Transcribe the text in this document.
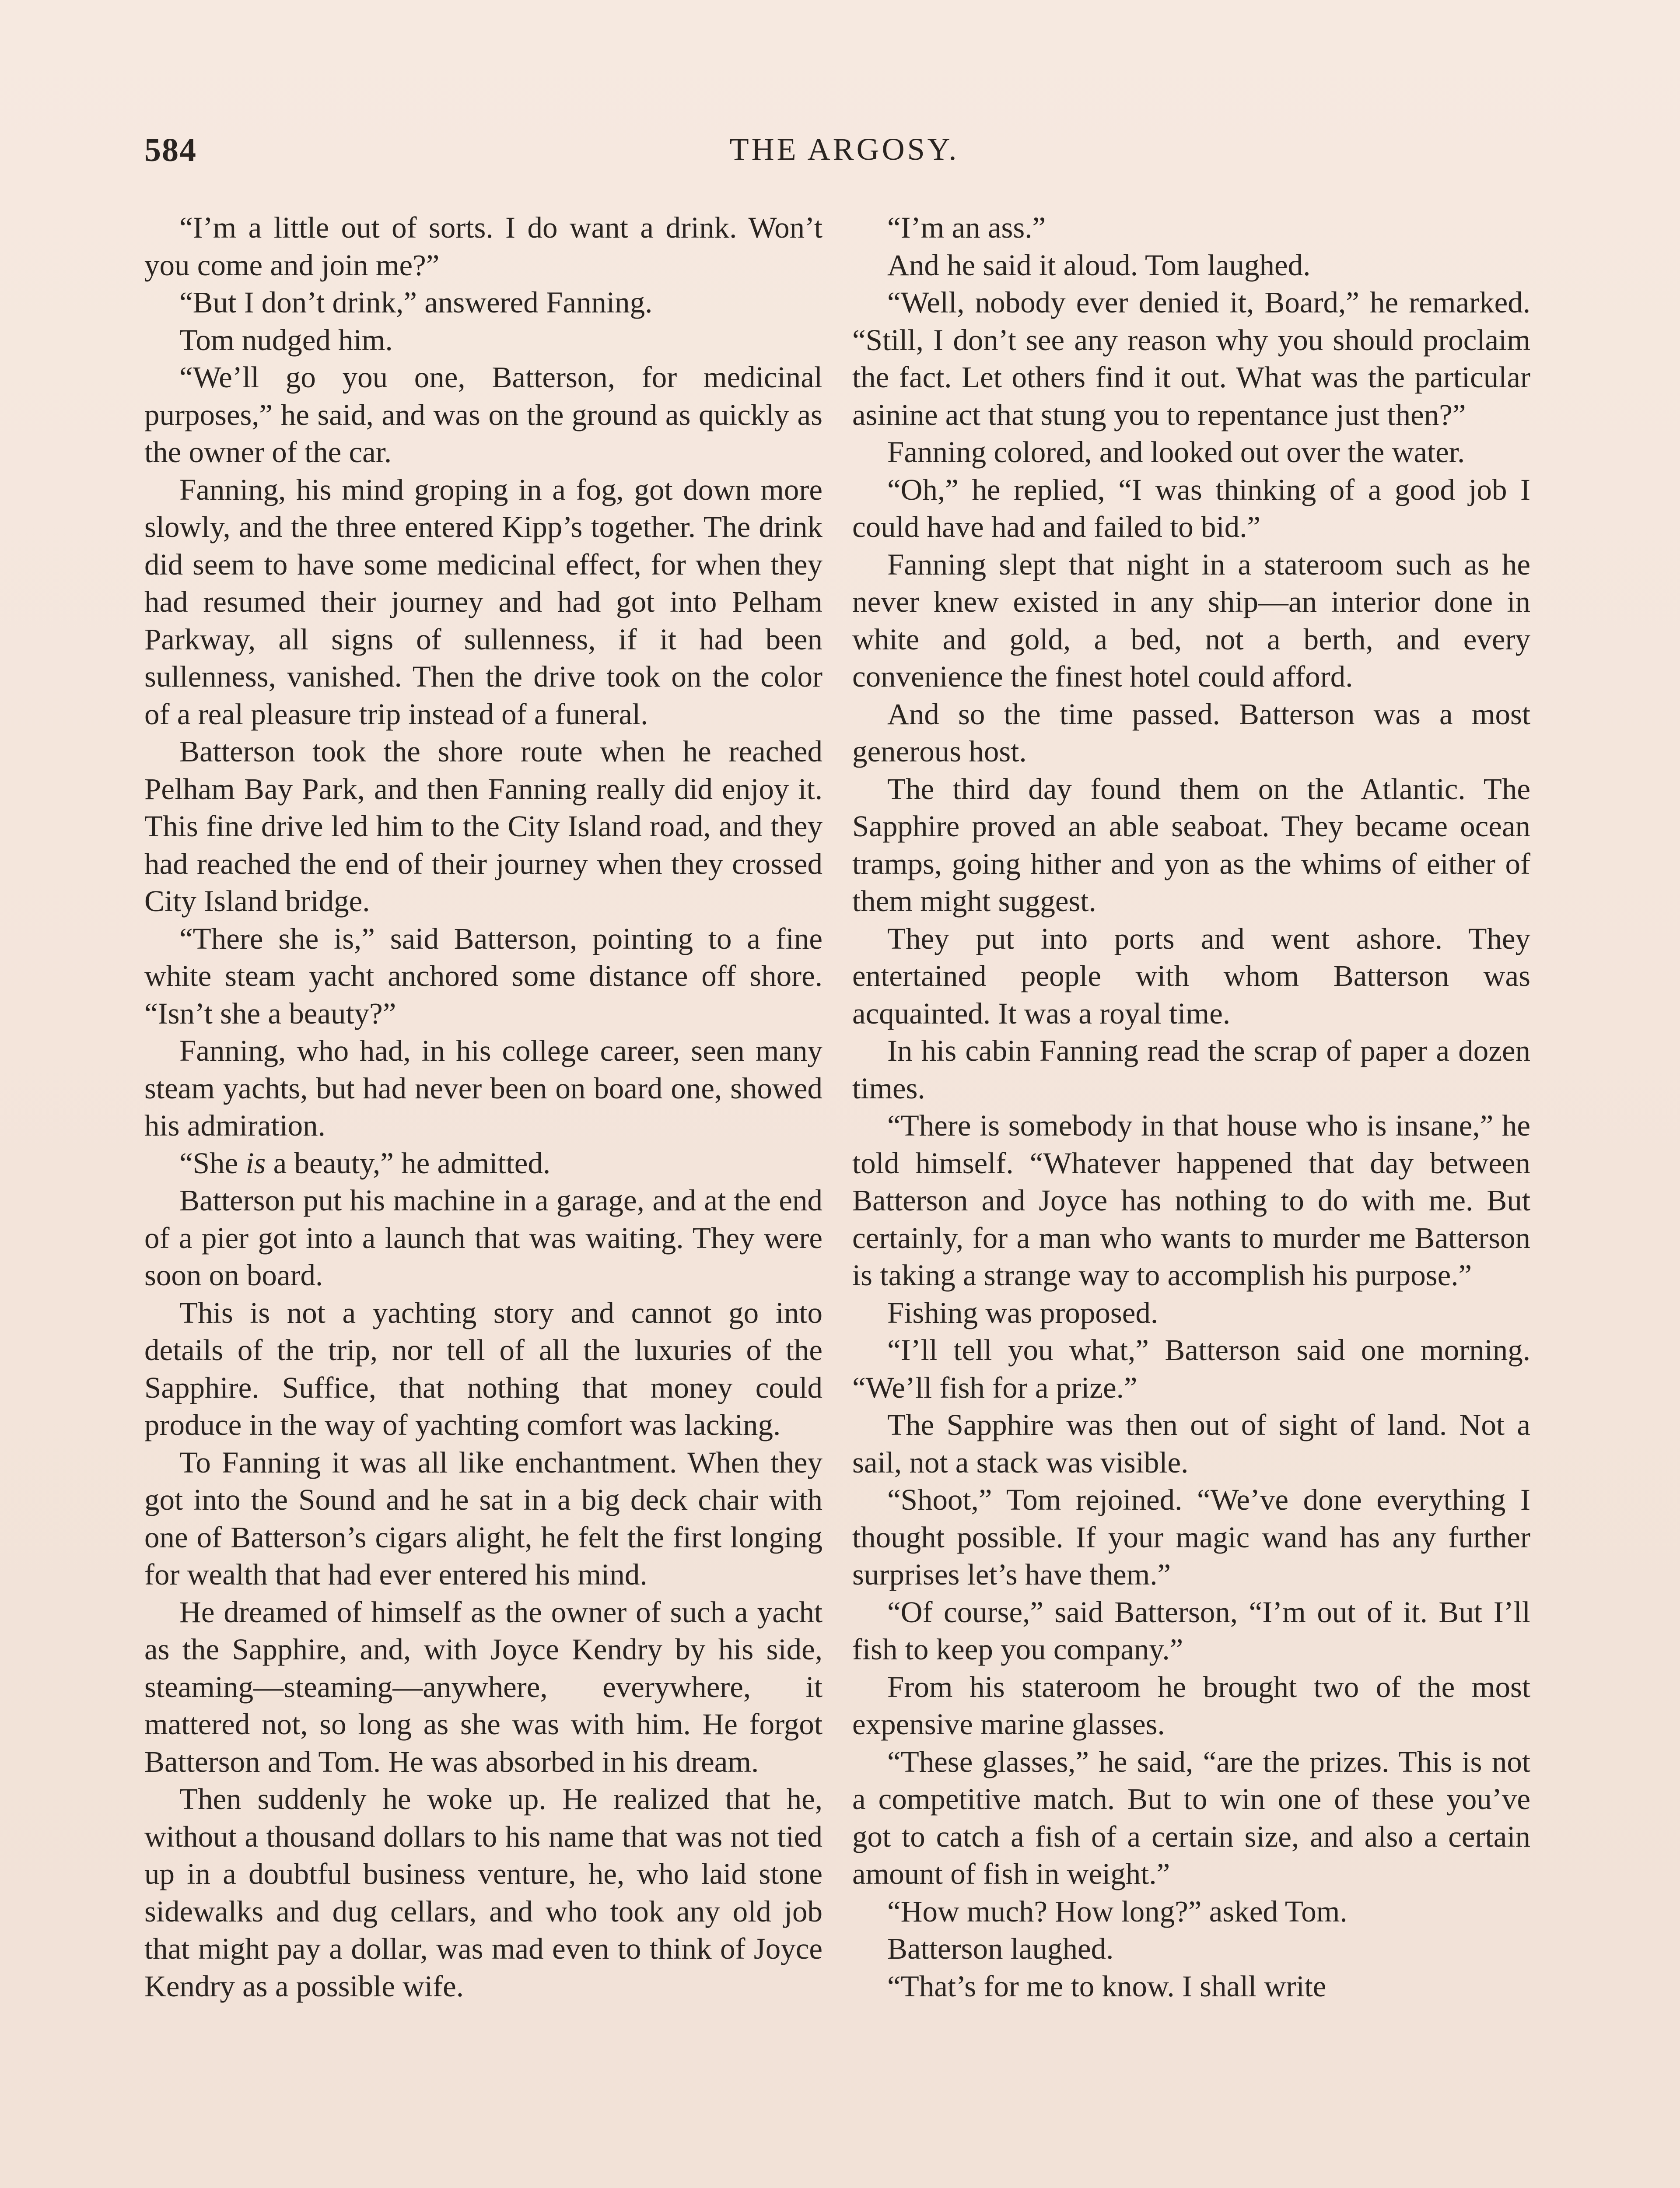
THE ARGOSY.
584

“I’m a little out of sorts. I do want a drink. Won’t you come and join me?”

“But I don’t drink,” answered Fanning.

Tom nudged him.

“We’ll go you one, Batterson, for medicinal purposes,” he said, and was on the ground as quickly as the owner of the car.

Fanning, his mind groping in a fog, got down more slowly, and the three entered Kipp’s together. The drink did seem to have some medicinal effect, for when they had resumed their journey and had got into Pelham Parkway, all signs of sullenness, if it had been sullenness, vanished. Then the drive took on the color of a real pleasure trip instead of a funeral.

Batterson took the shore route when he reached Pelham Bay Park, and then Fanning really did enjoy it. This fine drive led him to the City Island road, and they had reached the end of their journey when they crossed City Island bridge.

“There she is,” said Batterson, pointing to a fine white steam yacht anchored some distance off shore. “Isn’t she a beauty?”

Fanning, who had, in his college career, seen many steam yachts, but had never been on board one, showed his admiration.

“She is a beauty,” he admitted.

Batterson put his machine in a garage, and at the end of a pier got into a launch that was waiting. They were soon on board.

This is not a yachting story and cannot go into details of the trip, nor tell of all the luxuries of the Sapphire. Suffice, that nothing that money could produce in the way of yachting comfort was lacking.

To Fanning it was all like enchantment. When they got into the Sound and he sat in a big deck chair with one of Batterson’s cigars alight, he felt the first longing for wealth that had ever entered his mind.

He dreamed of himself as the owner of such a yacht as the Sapphire, and, with Joyce Kendry by his side, steaming—steaming—anywhere, everywhere, it mattered not, so long as she was with him. He forgot Batterson and Tom. He was absorbed in his dream.

Then suddenly he woke up. He realized that he, without a thousand dollars to his name that was not tied up in a doubtful business venture, he, who laid stone sidewalks and dug cellars, and who took any old job that might pay a dollar, was mad even to think of Joyce Kendry as a possible wife.

“I’m an ass.”

And he said it aloud. Tom laughed.

“Well, nobody ever denied it, Board,” he remarked. “Still, I don’t see any reason why you should proclaim the fact. Let others find it out. What was the particular asinine act that stung you to repentance just then?”

Fanning colored, and looked out over the water.

“Oh,” he replied, “I was thinking of a good job I could have had and failed to bid.”

Fanning slept that night in a stateroom such as he never knew existed in any ship—an interior done in white and gold, a bed, not a berth, and every convenience the finest hotel could afford.

And so the time passed. Batterson was a most generous host.

The third day found them on the Atlantic. The Sapphire proved an able seaboat. They became ocean tramps, going hither and yon as the whims of either of them might suggest.

They put into ports and went ashore. They entertained people with whom Batterson was acquainted. It was a royal time.

In his cabin Fanning read the scrap of paper a dozen times.

“There is somebody in that house who is insane,” he told himself. “Whatever happened that day between Batterson and Joyce has nothing to do with me. But certainly, for a man who wants to murder me Batterson is taking a strange way to accomplish his purpose.”

Fishing was proposed.

“I’ll tell you what,” Batterson said one morning. “We’ll fish for a prize.”

The Sapphire was then out of sight of land. Not a sail, not a stack was visible.

“Shoot,” Tom rejoined. “We’ve done everything I thought possible. If your magic wand has any further surprises let’s have them.”

“Of course,” said Batterson, “I’m out of it. But I’ll fish to keep you company.”

From his stateroom he brought two of the most expensive marine glasses.

“These glasses,” he said, “are the prizes. This is not a competitive match. But to win one of these you’ve got to catch a fish of a certain size, and also a certain amount of fish in weight.”

“How much? How long?” asked Tom.

Batterson laughed.

“That’s for me to know. I shall write
